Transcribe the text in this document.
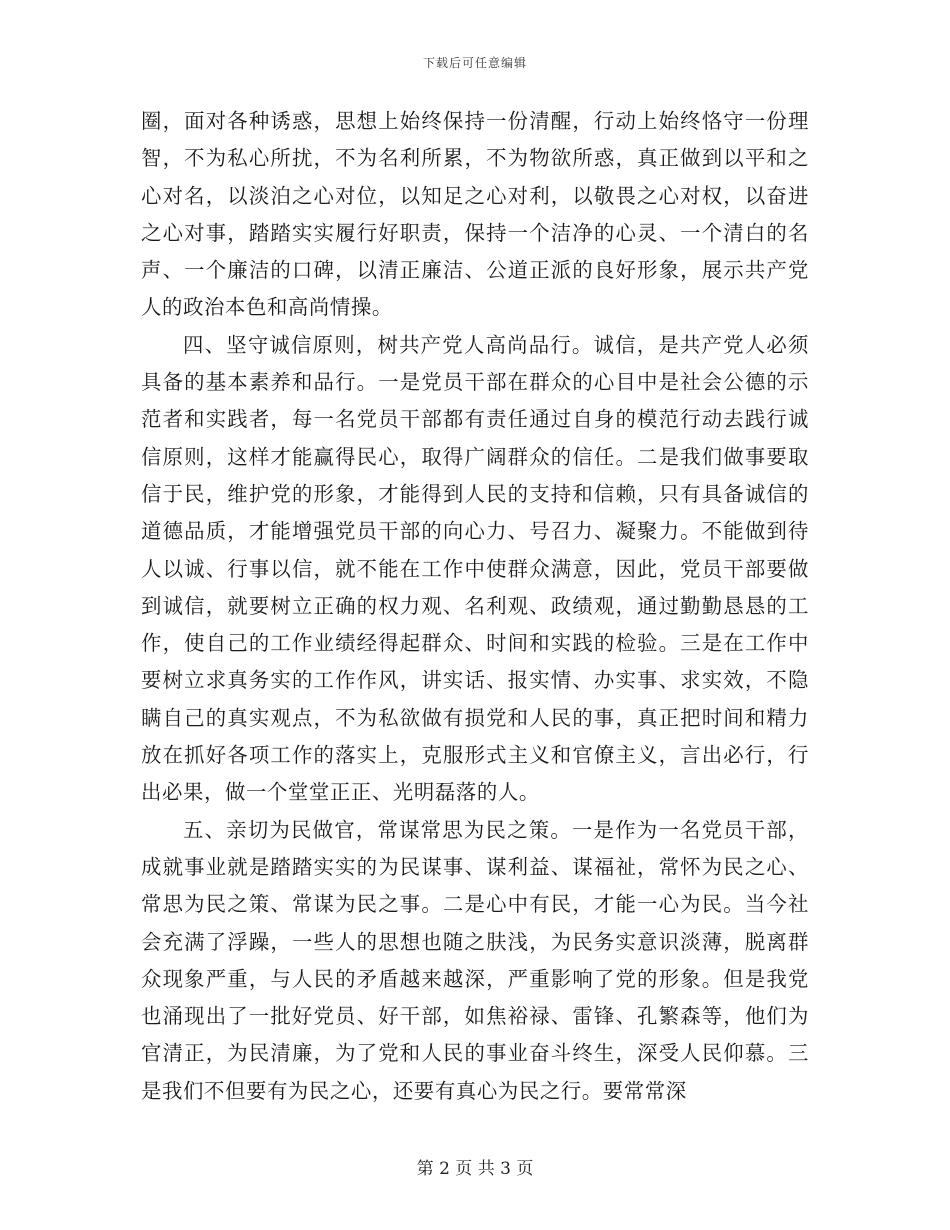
下载后可任意编辑

圈，面对各种诱惑，思想上始终保持一份清醒，行动上始终恪守一份理智，不为私心所扰，不为名利所累，不为物欲所惑，真正做到以平和之心对名，以淡泊之心对位，以知足之心对利，以敬畏之心对权，以奋进之心对事，踏踏实实履行好职责，保持一个洁净的心灵、一个清白的名声、一个廉洁的口碑，以清正廉洁、公道正派的良好形象，展示共产党人的政治本色和高尚情操。

四、坚守诚信原则，树共产党人高尚品行。诚信，是共产党人必须具备的基本素养和品行。一是党员干部在群众的心目中是社会公德的示范者和实践者，每一名党员干部都有责任通过自身的模范行动去践行诚信原则，这样才能赢得民心，取得广阔群众的信任。二是我们做事要取信于民，维护党的形象，才能得到人民的支持和信赖，只有具备诚信的道德品质，才能增强党员干部的向心力、号召力、凝聚力。不能做到待人以诚、行事以信，就不能在工作中使群众满意，因此，党员干部要做到诚信，就要树立正确的权力观、名利观、政绩观，通过勤勤恳恳的工作，使自己的工作业绩经得起群众、时间和实践的检验。三是在工作中要树立求真务实的工作作风，讲实话、报实情、办实事、求实效，不隐瞒自己的真实观点，不为私欲做有损党和人民的事，真正把时间和精力放在抓好各项工作的落实上，克服形式主义和官僚主义，言出必行，行出必果，做一个堂堂正正、光明磊落的人。

五、亲切为民做官，常谋常思为民之策。一是作为一名党员干部，成就事业就是踏踏实实的为民谋事、谋利益、谋福祉，常怀为民之心、常思为民之策、常谋为民之事。二是心中有民，才能一心为民。当今社会充满了浮躁，一些人的思想也随之肤浅，为民务实意识淡薄，脱离群众现象严重，与人民的矛盾越来越深，严重影响了党的形象。但是我党也涌现出了一批好党员、好干部，如焦裕禄、雷锋、孔繁森等，他们为官清正，为民清廉，为了党和人民的事业奋斗终生，深受人民仰慕。三是我们不但要有为民之心，还要有真心为民之行。要常常深

第 2 页 共 3 页
